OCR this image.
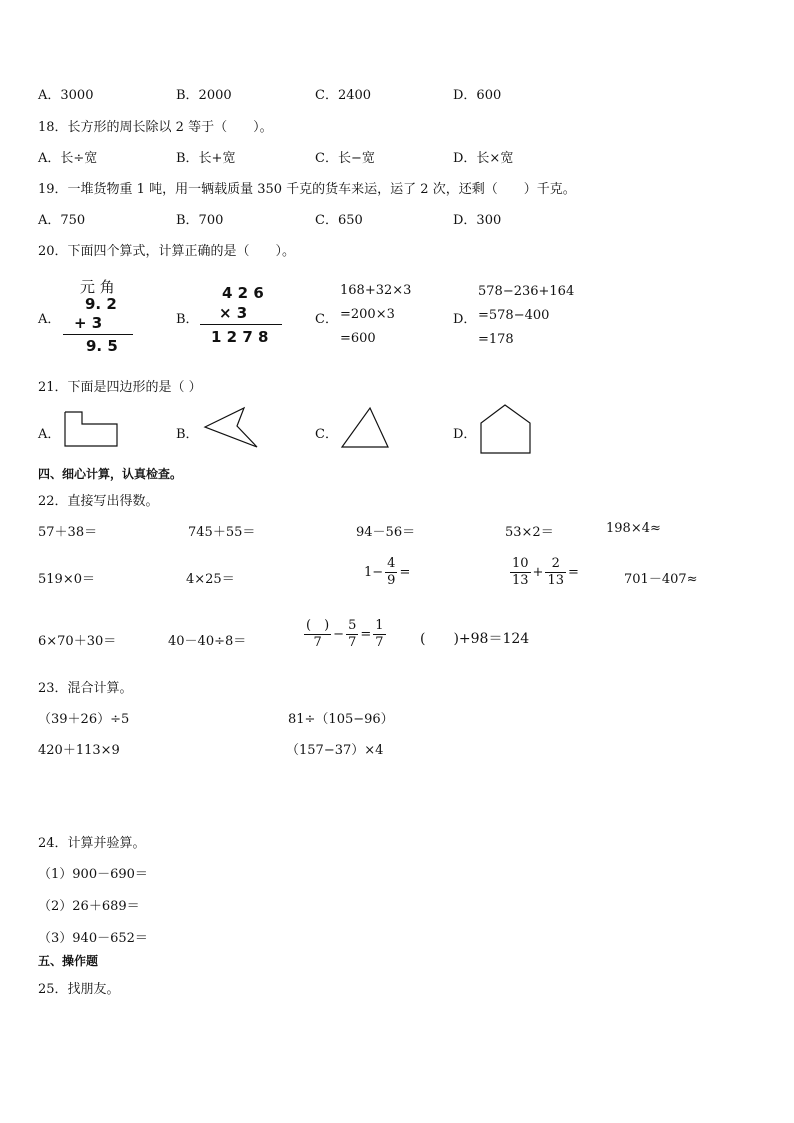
A．3000	B．2000	C．2400	D．600
18．长方形的周长除以 2 等于（　　）。
A．长÷宽	B．长+宽	C．长−宽	D．长×宽
19．一堆货物重 1 吨，用一辆载质量 350 千克的货车来运，运了 2 次，还剩（　　）千克。
A．750	B．700	C．650	D．300
20．下面四个算式，计算正确的是（　　）。
A．
元 角
9. 2
+ 3
9. 5
B．
4 2 6
× 3
1 2 7 8
C．
168+32×3
=200×3
=600
D．
578−236+164
=578−400
=178
21．下面是四边形的是（ ）
A．	B．	C．	D．
四、细心计算，认真检查。
22．直接写出得数。
57＋38＝	745＋55＝	94－56＝	53×2＝	198×4≈
519×0＝	4×25＝	$1- \frac{4}{9}$ =	$\frac{10}{13} + \frac{2}{13}$ =	701－407≈
6×70＋30＝	40－40÷8＝	$\frac{( )}{7} - \frac{5}{7} = \frac{1}{7}$ (　　)+98＝124
23．混合计算。
（39＋26）÷5	81÷（105−96）
420＋113×9	（157−37）×4
24．计算并验算。
（1）900－690＝
（2）26＋689＝
（3）940－652＝
五、操作题
25．找朋友。
